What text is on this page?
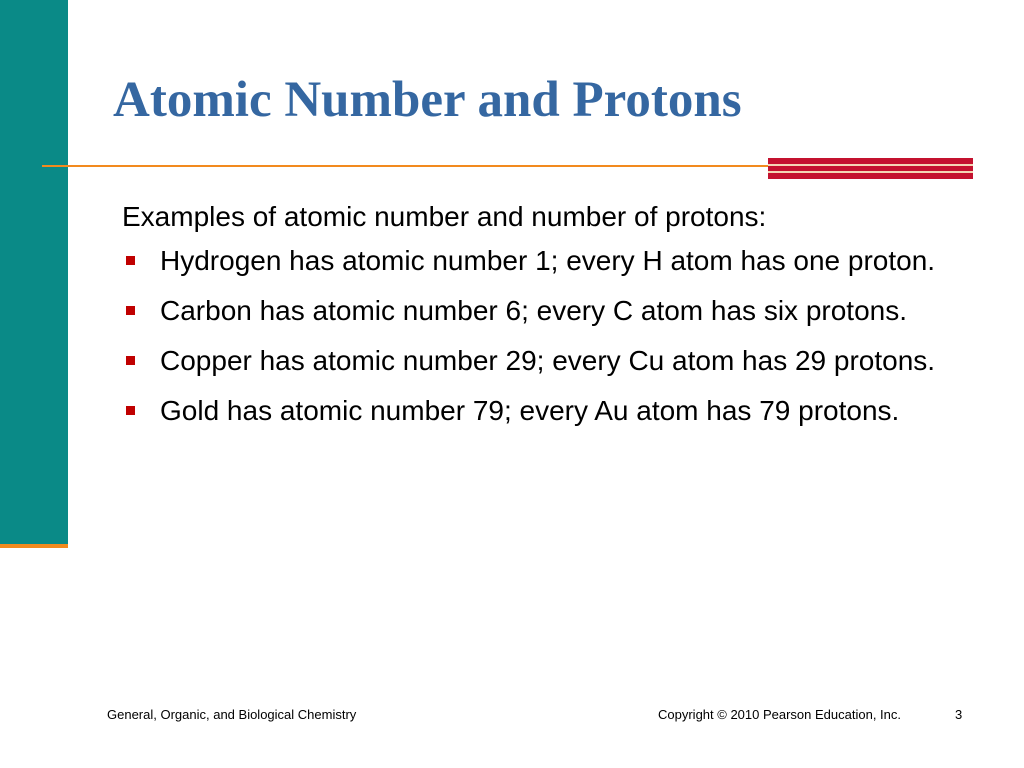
Atomic Number and Protons

Examples of atomic number and number of protons:

Hydrogen has atomic number 1; every H atom has one proton.
Carbon has atomic number 6; every C atom has six protons.
Copper has atomic number 29; every Cu atom has 29 protons.
Gold has atomic number 79; every Au atom has 79 protons.
General, Organic, and Biological Chemistry	Copyright © 2010 Pearson Education, Inc.	3
